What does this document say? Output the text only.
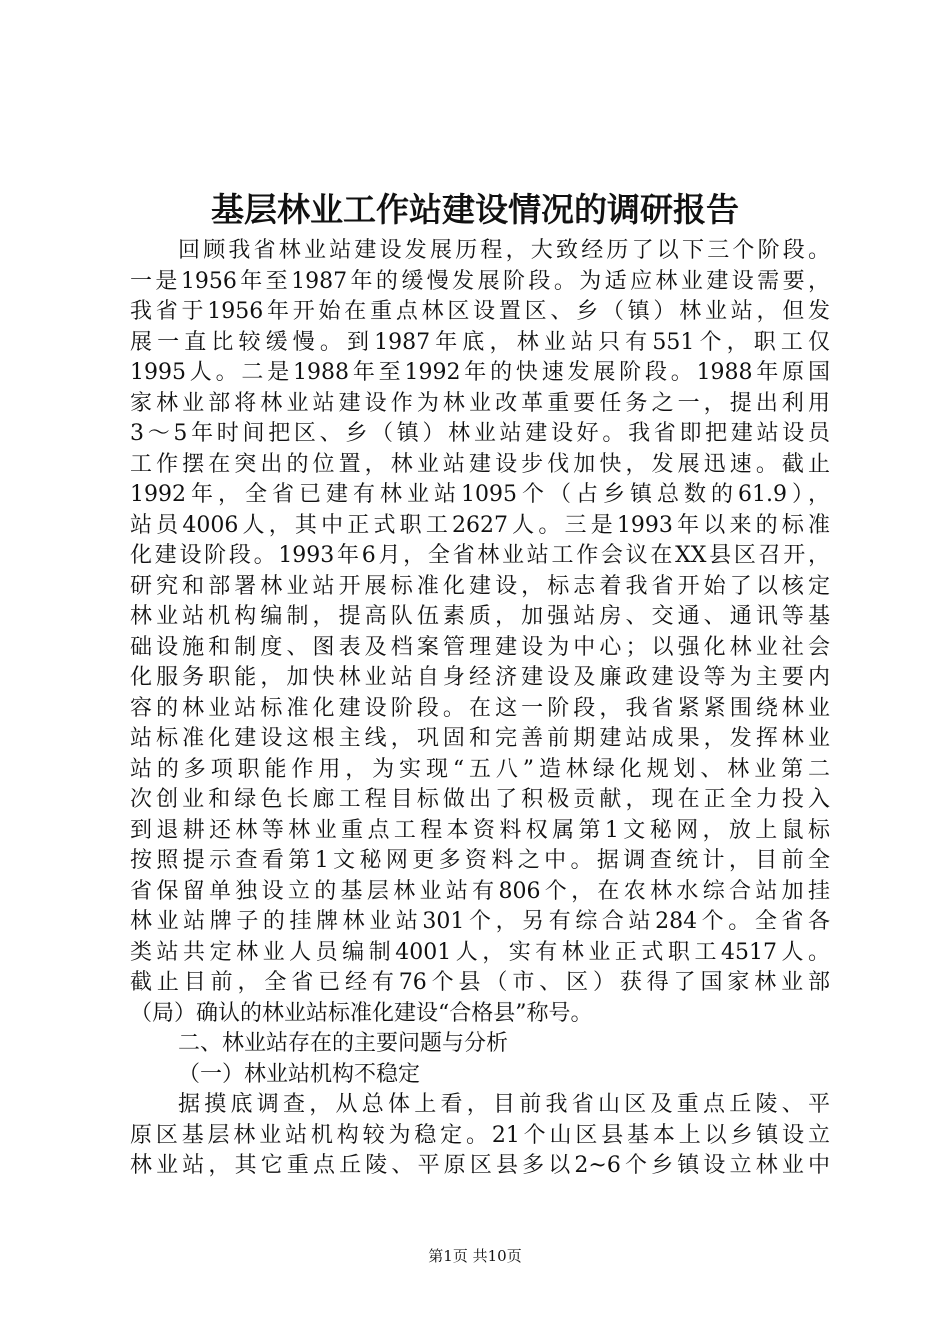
基层林业工作站建设情况的调研报告
回顾我省林业站建设发展历程，大致经历了以下三个阶段。
一是1956年至1987年的缓慢发展阶段。为适应林业建设需要，
我省于1956年开始在重点林区设置区、乡（镇）林业站，但发
展一直比较缓慢。到1987年底，林业站只有551个，职工仅
1995人。二是1988年至1992年的快速发展阶段。1988年原国
家林业部将林业站建设作为林业改革重要任务之一，提出利用
3～5年时间把区、乡（镇）林业站建设好。我省即把建站设员
工作摆在突出的位置，林业站建设步伐加快，发展迅速。截止
1992年，全省已建有林业站1095个（占乡镇总数的61.9），
站员4006人，其中正式职工2627人。三是1993年以来的标准
化建设阶段。1993年6月，全省林业站工作会议在XX县区召开，
研究和部署林业站开展标准化建设，标志着我省开始了以核定
林业站机构编制，提高队伍素质，加强站房、交通、通讯等基
础设施和制度、图表及档案管理建设为中心；以强化林业社会
化服务职能，加快林业站自身经济建设及廉政建设等为主要内
容的林业站标准化建设阶段。在这一阶段，我省紧紧围绕林业
站标准化建设这根主线，巩固和完善前期建站成果，发挥林业
站的多项职能作用，为实现“五八”造林绿化规划、林业第二
次创业和绿色长廊工程目标做出了积极贡献，现在正全力投入
到退耕还林等林业重点工程本资料权属第1文秘网，放上鼠标
按照提示查看第1文秘网更多资料之中。据调查统计，目前全
省保留单独设立的基层林业站有806个，在农林水综合站加挂
林业站牌子的挂牌林业站301个，另有综合站284个。全省各
类站共定林业人员编制4001人，实有林业正式职工4517人。
截止目前，全省已经有76个县（市、区）获得了国家林业部
（局）确认的林业站标准化建设“合格县”称号。
二、林业站存在的主要问题与分析
（一）林业站机构不稳定
据摸底调查，从总体上看，目前我省山区及重点丘陵、平
原区基层林业站机构较为稳定。21个山区县基本上以乡镇设立
林业站，其它重点丘陵、平原区县多以2~6个乡镇设立林业中
第1页 共10页
